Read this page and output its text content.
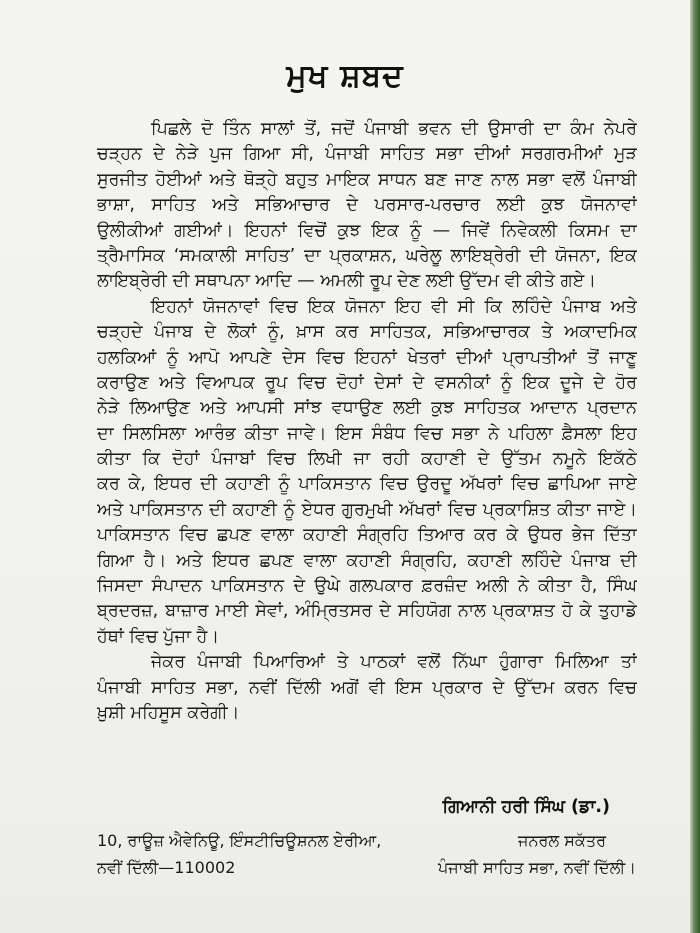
ਮੁਖ ਸ਼ਬਦ
ਪਿਛਲੇ ਦੋ ਤਿੰਨ ਸਾਲਾਂ ਤੋਂ, ਜਦੋਂ ਪੰਜਾਬੀ ਭਵਨ ਦੀ ਉਸਾਰੀ ਦਾ ਕੰਮ ਨੇਪਰੇ
ਚੜ੍ਹਨ ਦੇ ਨੇੜੇ ਪੁਜ ਗਿਆ ਸੀ, ਪੰਜਾਬੀ ਸਾਹਿਤ ਸਭਾ ਦੀਆਂ ਸਰਗਰਮੀਆਂ ਮੁੜ
ਸੁਰਜੀਤ ਹੋਈਆਂ ਅਤੇ ਥੋੜ੍ਹੇ ਬਹੁਤ ਮਾਇਕ ਸਾਧਨ ਬਣ ਜਾਣ ਨਾਲ ਸਭਾ ਵਲੋਂ ਪੰਜਾਬੀ
ਭਾਸ਼ਾ, ਸਾਹਿਤ ਅਤੇ ਸਭਿਆਚਾਰ ਦੇ ਪਰਸਾਰ-ਪਰਚਾਰ ਲਈ ਕੁਝ ਯੋਜਨਾਵਾਂ
ਉਲੀਕੀਆਂ ਗਈਆਂ। ਇਹਨਾਂ ਵਿਚੋਂ ਕੁਝ ਇਕ ਨੂੰ — ਜਿਵੇਂ ਨਿਵੇਕਲੀ ਕਿਸਮ ਦਾ
ਤ੍ਰੈਮਾਸਿਕ ‘ਸਮਕਾਲੀ ਸਾਹਿਤ’ ਦਾ ਪ੍ਰਕਾਸ਼ਨ, ਘਰੇਲੂ ਲਾਇਬ੍ਰੇਰੀ ਦੀ ਯੋਜਨਾ, ਇਕ
ਲਾਇਬ੍ਰੇਰੀ ਦੀ ਸਥਾਪਨਾ ਆਦਿ — ਅਮਲੀ ਰੂਪ ਦੇਣ ਲਈ ਉੱਦਮ ਵੀ ਕੀਤੇ ਗਏ।
ਇਹਨਾਂ ਯੋਜਨਾਵਾਂ ਵਿਚ ਇਕ ਯੋਜਨਾ ਇਹ ਵੀ ਸੀ ਕਿ ਲਹਿੰਦੇ ਪੰਜਾਬ ਅਤੇ
ਚੜ੍ਹਦੇ ਪੰਜਾਬ ਦੇ ਲੋਕਾਂ ਨੂੰ, ਖ਼ਾਸ ਕਰ ਸਾਹਿਤਕ, ਸਭਿਆਚਾਰਕ ਤੇ ਅਕਾਦਮਿਕ
ਹਲਕਿਆਂ ਨੂੰ ਆਪੋ ਆਪਣੇ ਦੇਸ ਵਿਚ ਇਹਨਾਂ ਖੇਤਰਾਂ ਦੀਆਂ ਪ੍ਰਾਪਤੀਆਂ ਤੋਂ ਜਾਣੂ
ਕਰਾਉਣ ਅਤੇ ਵਿਆਪਕ ਰੂਪ ਵਿਚ ਦੋਹਾਂ ਦੇਸਾਂ ਦੇ ਵਸਨੀਕਾਂ ਨੂੰ ਇਕ ਦੂਜੇ ਦੇ ਹੋਰ
ਨੇੜੇ ਲਿਆਉਣ ਅਤੇ ਆਪਸੀ ਸਾਂਝ ਵਧਾਉਣ ਲਈ ਕੁਝ ਸਾਹਿਤਕ ਆਦਾਨ ਪ੍ਰਦਾਨ
ਦਾ ਸਿਲਸਿਲਾ ਆਰੰਭ ਕੀਤਾ ਜਾਵੇ। ਇਸ ਸੰਬੰਧ ਵਿਚ ਸਭਾ ਨੇ ਪਹਿਲਾ ਫ਼ੈਸਲਾ ਇਹ
ਕੀਤਾ ਕਿ ਦੋਹਾਂ ਪੰਜਾਬਾਂ ਵਿਚ ਲਿਖੀ ਜਾ ਰਹੀ ਕਹਾਣੀ ਦੇ ਉੱਤਮ ਨਮੂਨੇ ਇਕੱਠੇ
ਕਰ ਕੇ, ਇਧਰ ਦੀ ਕਹਾਣੀ ਨੂੰ ਪਾਕਿਸਤਾਨ ਵਿਚ ਉਰਦੂ ਅੱਖਰਾਂ ਵਿਚ ਛਾਪਿਆ ਜਾਏ
ਅਤੇ ਪਾਕਿਸਤਾਨ ਦੀ ਕਹਾਣੀ ਨੂੰ ਏਧਰ ਗੁਰਮੁਖੀ ਅੱਖਰਾਂ ਵਿਚ ਪ੍ਰਕਾਸ਼ਿਤ ਕੀਤਾ ਜਾਏ।
ਪਾਕਿਸਤਾਨ ਵਿਚ ਛਪਣ ਵਾਲਾ ਕਹਾਣੀ ਸੰਗ੍ਰਹਿ ਤਿਆਰ ਕਰ ਕੇ ਉਧਰ ਭੇਜ ਦਿੱਤਾ
ਗਿਆ ਹੈ। ਅਤੇ ਇਧਰ ਛਪਣ ਵਾਲਾ ਕਹਾਣੀ ਸੰਗ੍ਰਹਿ, ਕਹਾਣੀ ਲਹਿੰਦੇ ਪੰਜਾਬ ਦੀ
ਜਿਸਦਾ ਸੰਪਾਦਨ ਪਾਕਿਸਤਾਨ ਦੇ ਉਘੇ ਗਲਪਕਾਰ ਫ਼ਰਜ਼ੰਦ ਅਲੀ ਨੇ ਕੀਤਾ ਹੈ, ਸਿੰਘ
ਬ੍ਰਦਰਜ਼, ਬਾਜ਼ਾਰ ਮਾਈ ਸੇਵਾਂ, ਅੰਮ੍ਰਿਤਸਰ ਦੇ ਸਹਿਯੋਗ ਨਾਲ ਪ੍ਰਕਾਸ਼ਤ ਹੋ ਕੇ ਤੁਹਾਡੇ
ਹੱਥਾਂ ਵਿਚ ਪੁੱਜਾ ਹੈ।
ਜੇਕਰ ਪੰਜਾਬੀ ਪਿਆਰਿਆਂ ਤੇ ਪਾਠਕਾਂ ਵਲੋਂ ਨਿੱਘਾ ਹੁੰਗਾਰਾ ਮਿਲਿਆ ਤਾਂ
ਪੰਜਾਬੀ ਸਾਹਿਤ ਸਭਾ, ਨਵੀਂ ਦਿੱਲੀ ਅਗੋਂ ਵੀ ਇਸ ਪ੍ਰਕਾਰ ਦੇ ਉੱਦਮ ਕਰਨ ਵਿਚ
ਖ਼ੁਸ਼ੀ ਮਹਿਸੂਸ ਕਰੇਗੀ।
ਗਿਆਨੀ ਹਰੀ ਸਿੰਘ (ਡਾ.)
10, ਰਾਊਜ਼ ਐਵੇਨਿਊ, ਇੰਸਟੀਚਿਊਸ਼ਨਲ ਏਰੀਆ,
ਨਵੀਂ ਦਿੱਲੀ—110002
ਜਨਰਲ ਸਕੱਤਰ
ਪੰਜਾਬੀ ਸਾਹਿਤ ਸਭਾ, ਨਵੀਂ ਦਿੱਲੀ।
